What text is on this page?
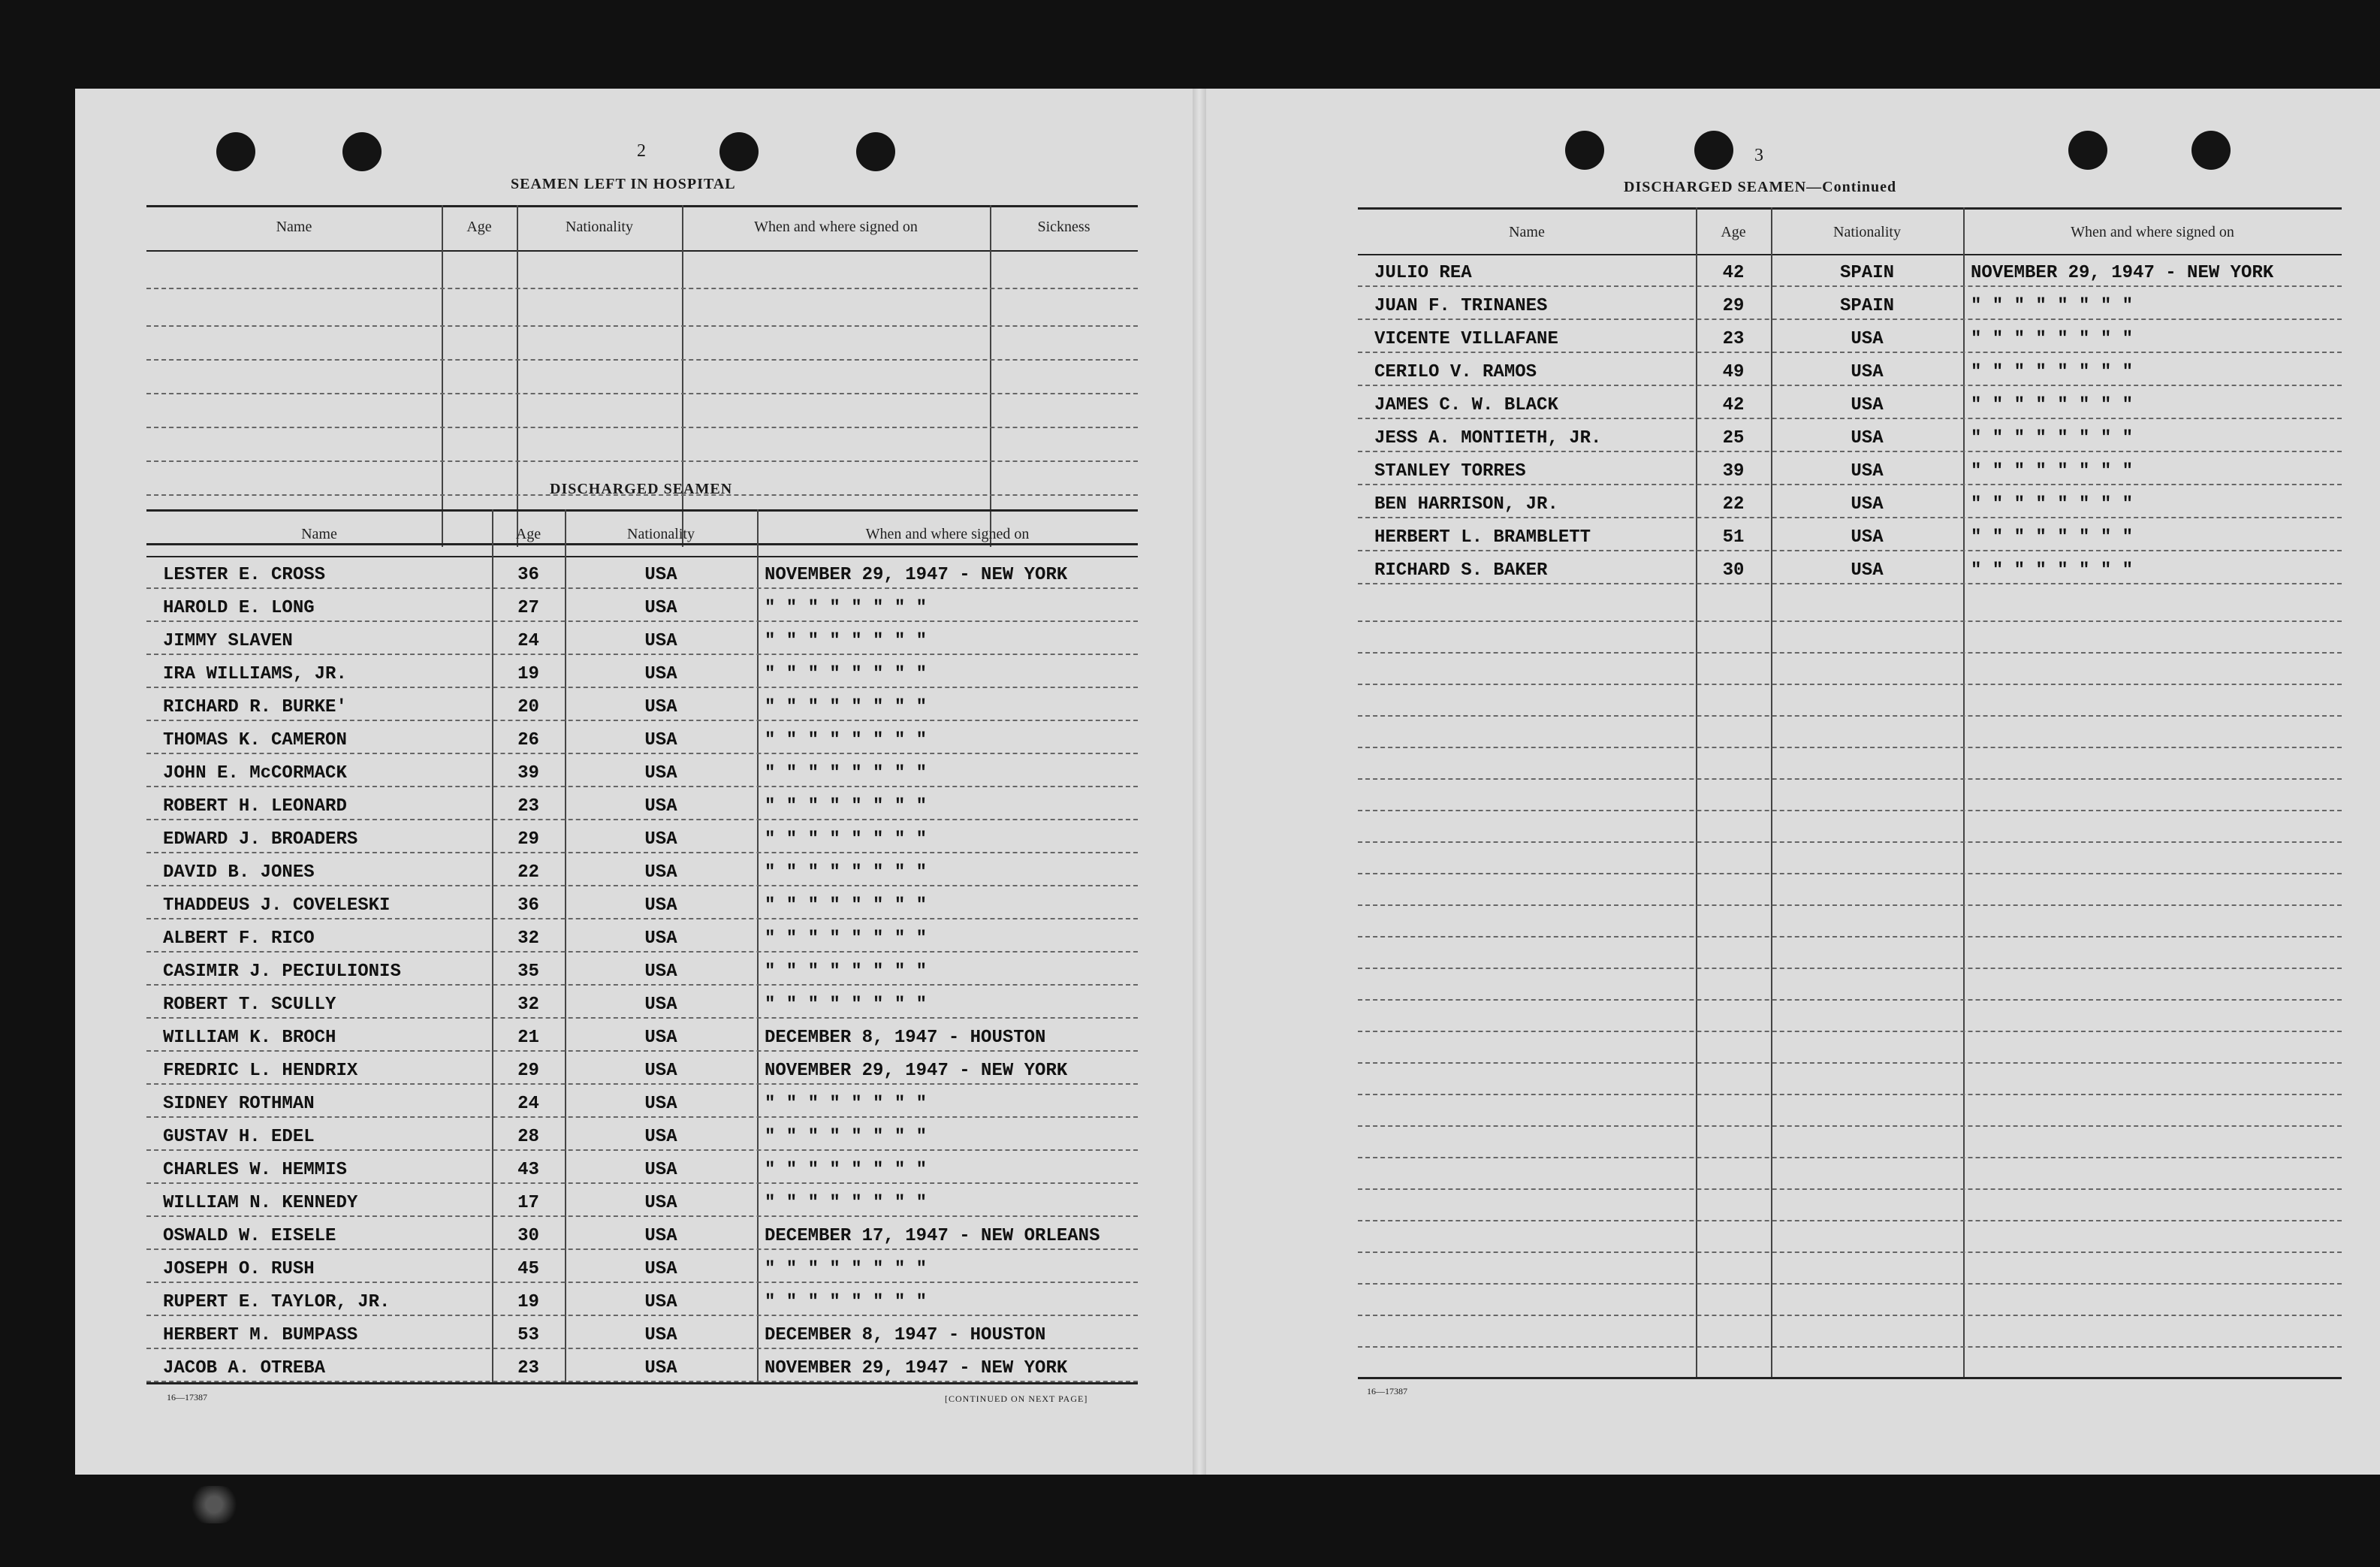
2
SEAMEN LEFT IN HOSPITAL
Name	Age	Nationality	When and where signed on	Sickness
DISCHARGED SEAMEN
Name	Age	Nationality	When and where signed on
LESTER E. CROSS	36	USA	NOVEMBER 29, 1947 - NEW YORK
HAROLD E. LONG	27	USA	" " " " " " " "
JIMMY SLAVEN	24	USA	" " " " " " " "
IRA WILLIAMS, JR.	19	USA	" " " " " " " "
RICHARD R. BURKE'	20	USA	" " " " " " " "
THOMAS K. CAMERON	26	USA	" " " " " " " "
JOHN E. McCORMACK	39	USA	" " " " " " " "
ROBERT H. LEONARD	23	USA	" " " " " " " "
EDWARD J. BROADERS	29	USA	" " " " " " " "
DAVID B. JONES	22	USA	" " " " " " " "
THADDEUS J. COVELESKI	36	USA	" " " " " " " "
ALBERT F. RICO	32	USA	" " " " " " " "
CASIMIR J. PECIULIONIS	35	USA	" " " " " " " "
ROBERT T. SCULLY	32	USA	" " " " " " " "
WILLIAM K. BROCH	21	USA	DECEMBER 8, 1947 - HOUSTON
FREDRIC L. HENDRIX	29	USA	NOVEMBER 29, 1947 - NEW YORK
SIDNEY ROTHMAN	24	USA	" " " " " " " "
GUSTAV H. EDEL	28	USA	" " " " " " " "
CHARLES W. HEMMIS	43	USA	" " " " " " " "
WILLIAM N. KENNEDY	17	USA	" " " " " " " "
OSWALD W. EISELE	30	USA	DECEMBER 17, 1947 - NEW ORLEANS
JOSEPH O. RUSH	45	USA	" " " " " " " "
RUPERT E. TAYLOR, JR.	19	USA	" " " " " " " "
HERBERT M. BUMPASS	53	USA	DECEMBER 8, 1947 - HOUSTON
JACOB A. OTREBA	23	USA	NOVEMBER 29, 1947 - NEW YORK
16—17387	[CONTINUED ON NEXT PAGE]
3
DISCHARGED SEAMEN—Continued
Name	Age	Nationality	When and where signed on
JULIO REA	42	SPAIN	NOVEMBER 29, 1947 - NEW YORK
JUAN F. TRINANES	29	SPAIN	" " " " " " " "
VICENTE VILLAFANE	23	USA	" " " " " " " "
CERILO V. RAMOS	49	USA	" " " " " " " "
JAMES C. W. BLACK	42	USA	" " " " " " " "
JESS A. MONTIETH, JR.	25	USA	" " " " " " " "
STANLEY TORRES	39	USA	" " " " " " " "
BEN HARRISON, JR.	22	USA	" " " " " " " "
HERBERT L. BRAMBLETT	51	USA	" " " " " " " "
RICHARD S. BAKER	30	USA	" " " " " " " "
16—17387
